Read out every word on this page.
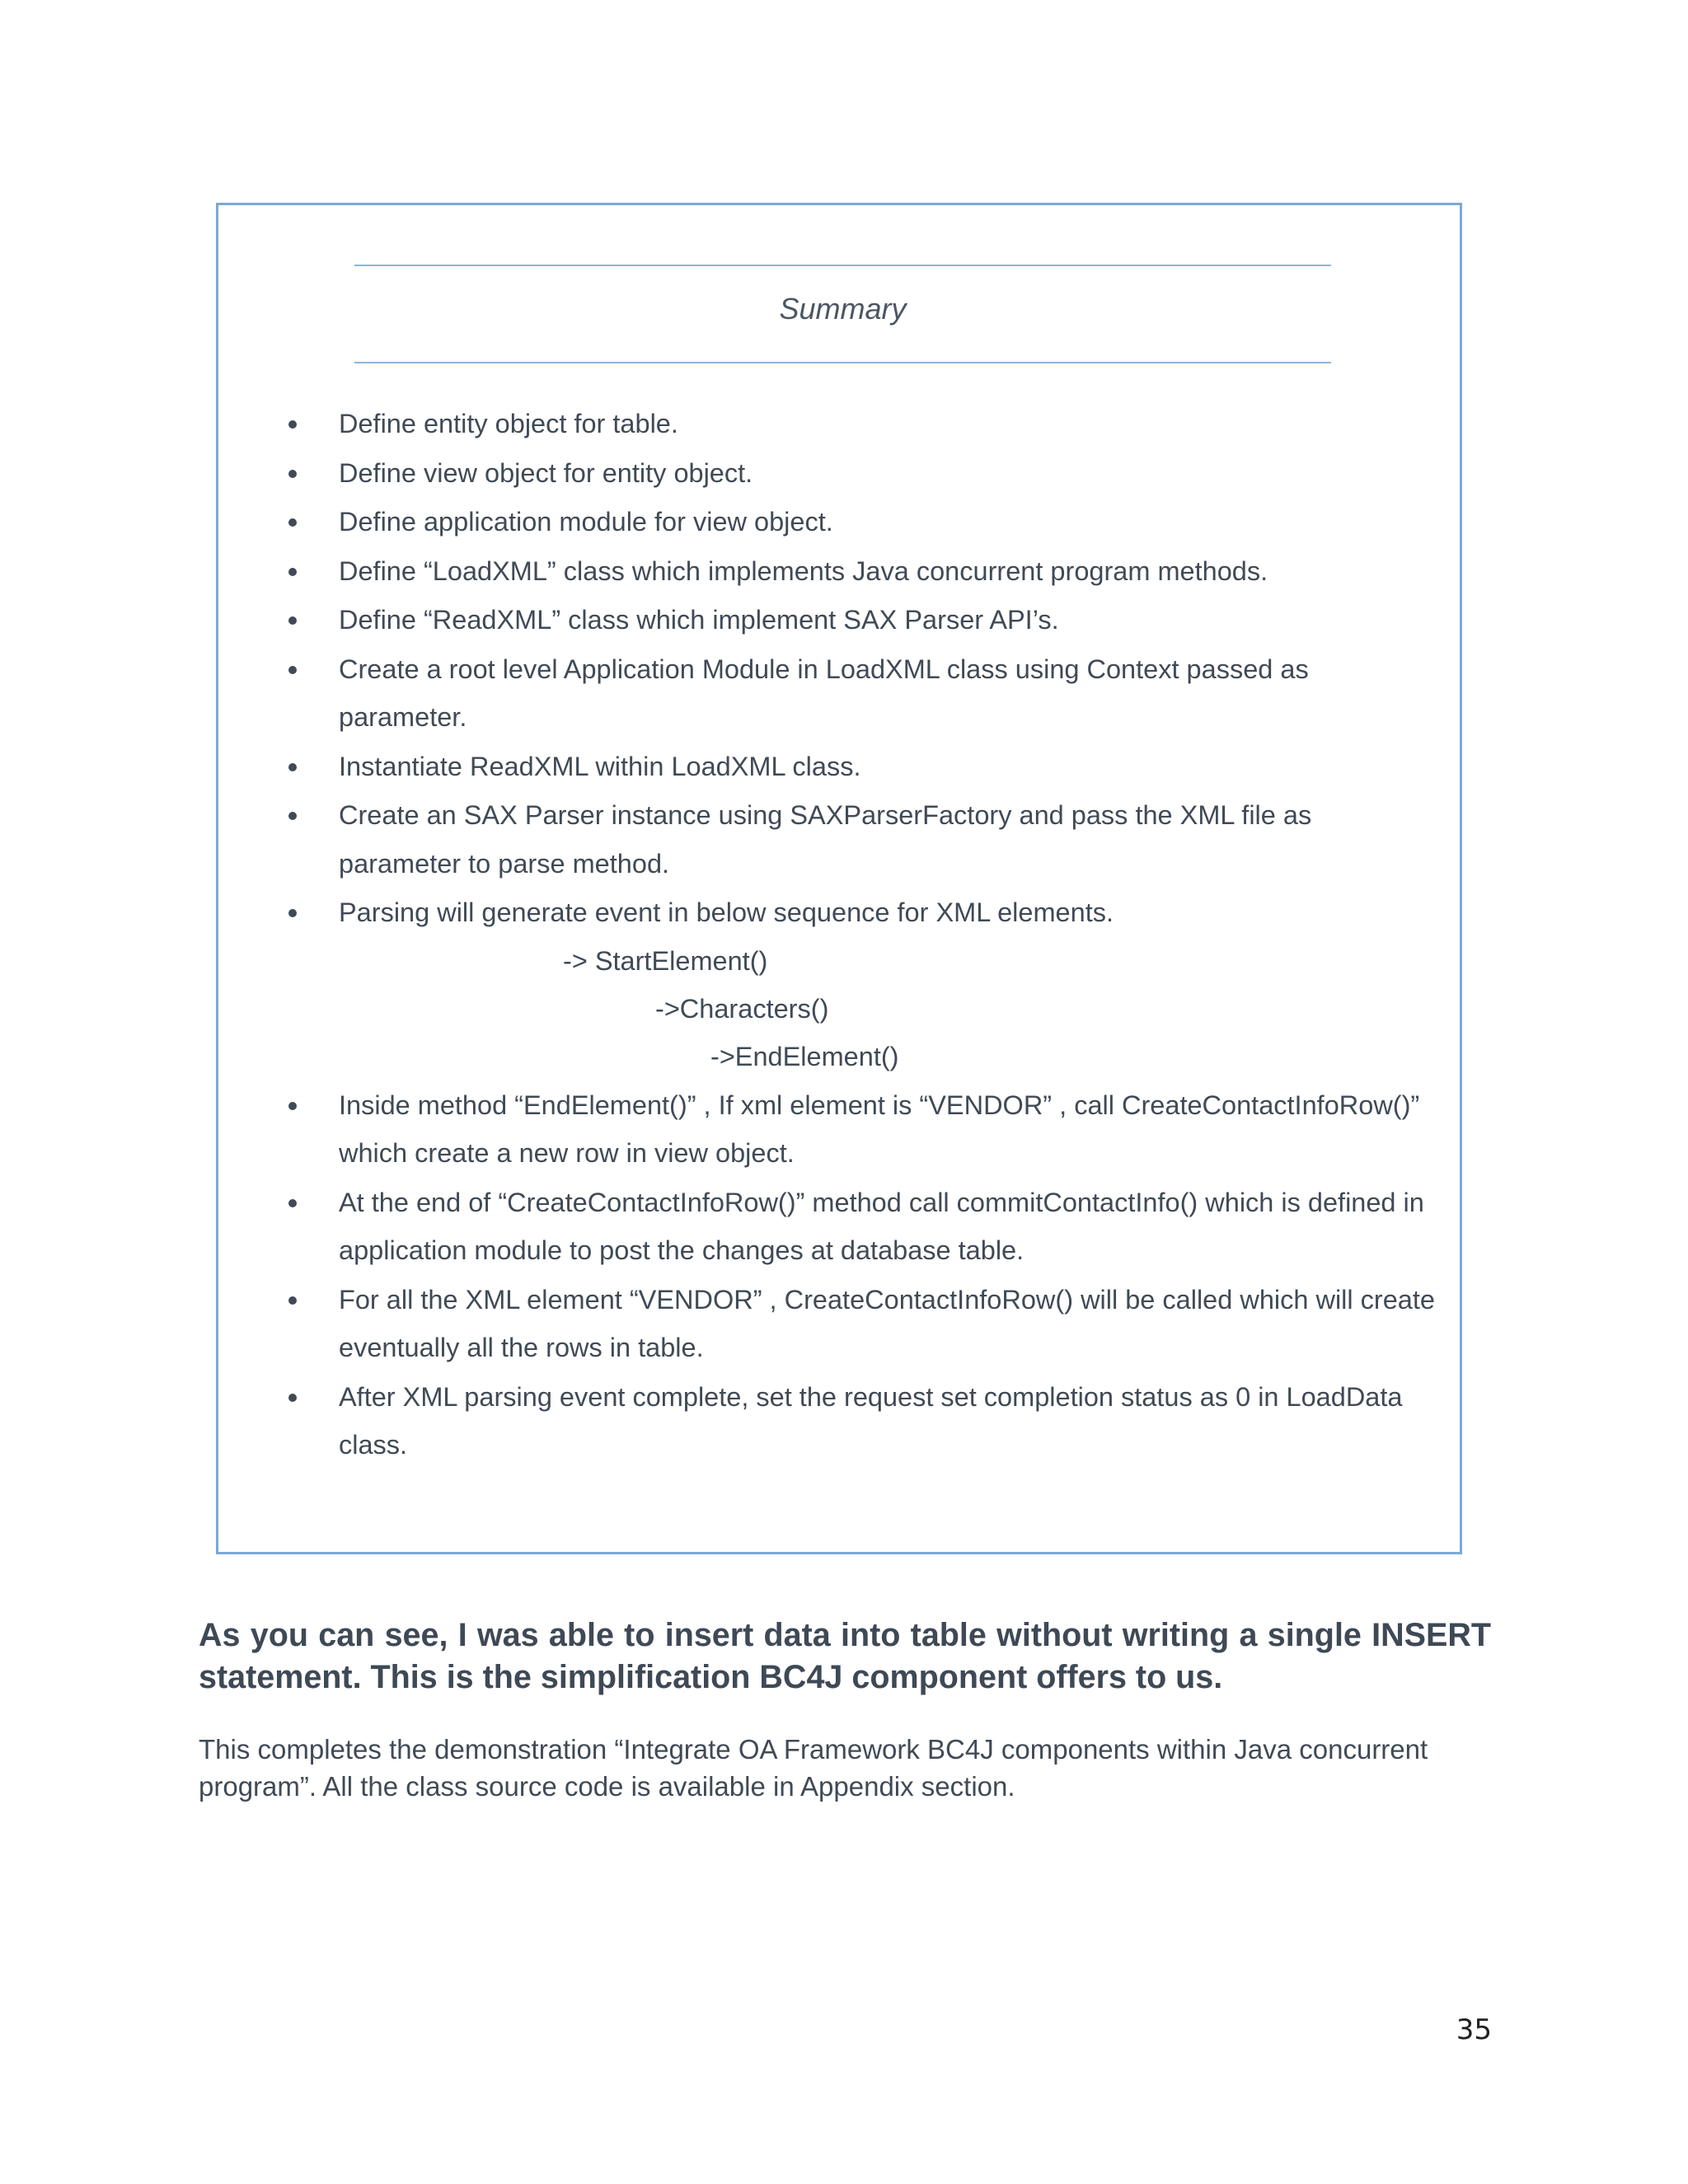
Summary
Define entity object for table.
Define view object for entity object.
Define application module for view object.
Define “LoadXML” class which implements Java concurrent program methods.
Define “ReadXML” class which implement SAX Parser API’s.
Create a root level Application Module in LoadXML class using Context passed as parameter.
Instantiate ReadXML within LoadXML class.
Create an SAX Parser instance using SAXParserFactory and pass the XML file as parameter to parse method.
Parsing will generate event in below sequence for XML elements.
-> StartElement()
->Characters()
->EndElement()
Inside method “EndElement()” , If xml element is “VENDOR” , call CreateContactInfoRow()” which create a new row in view object.
At the end of “CreateContactInfoRow()” method call commitContactInfo() which is defined in application module to post the changes at database table.
For all the XML element “VENDOR” , CreateContactInfoRow() will be called which will create eventually all the rows in table.
After XML parsing event complete, set the request set completion status as 0 in LoadData class.

As you can see, I was able to insert data into table without writing a single INSERT statement. This is the simplification BC4J component offers to us.

This completes the demonstration “Integrate OA Framework BC4J components within Java concurrent program”. All the class source code is available in Appendix section.

35
